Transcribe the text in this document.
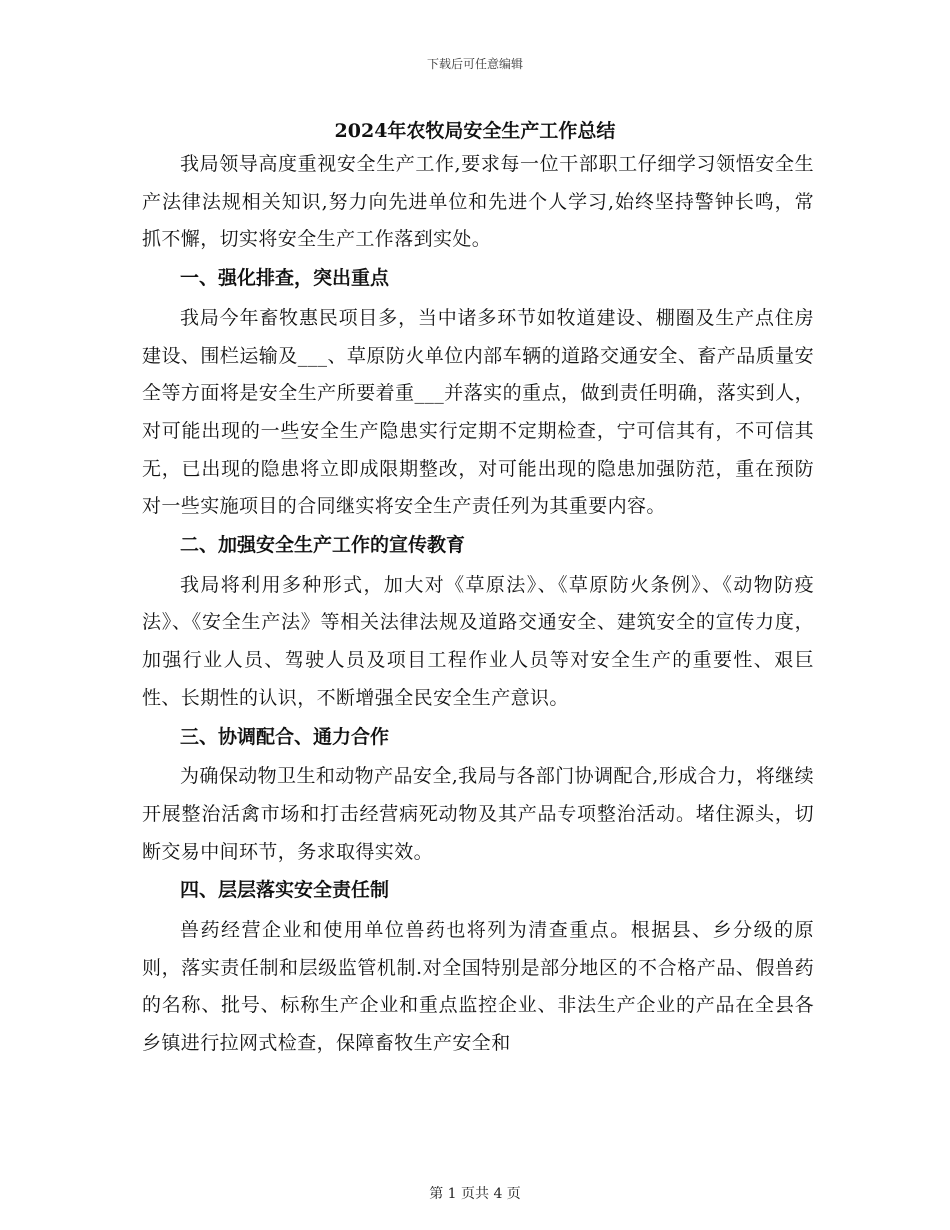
下载后可任意编辑
2024年农牧局安全生产工作总结

我局领导高度重视安全生产工作,要求每一位干部职工仔细学习领悟安全生产法律法规相关知识,努力向先进单位和先进个人学习,始终坚持警钟长鸣，常抓不懈，切实将安全生产工作落到实处。

一、强化排查，突出重点

我局今年畜牧惠民项目多，当中诸多环节如牧道建设、棚圈及生产点住房建设、围栏运输及___、草原防火单位内部车辆的道路交通安全、畜产品质量安全等方面将是安全生产所要着重___并落实的重点，做到责任明确，落实到人，对可能出现的一些安全生产隐患实行定期不定期检查，宁可信其有，不可信其无，已出现的隐患将立即成限期整改，对可能出现的隐患加强防范，重在预防对一些实施项目的合同继实将安全生产责任列为其重要内容。

二、加强安全生产工作的宣传教育

我局将利用多种形式，加大对《草原法》、《草原防火条例》、《动物防疫法》、《安全生产法》等相关法律法规及道路交通安全、建筑安全的宣传力度，加强行业人员、驾驶人员及项目工程作业人员等对安全生产的重要性、艰巨性、长期性的认识，不断增强全民安全生产意识。

三、协调配合、通力合作

为确保动物卫生和动物产品安全,我局与各部门协调配合,形成合力，将继续开展整治活禽市场和打击经营病死动物及其产品专项整治活动。堵住源头，切断交易中间环节，务求取得实效。

四、层层落实安全责任制

兽药经营企业和使用单位兽药也将列为清查重点。根据县、乡分级的原则，落实责任制和层级监管机制.对全国特别是部分地区的不合格产品、假兽药的名称、批号、标称生产企业和重点监控企业、非法生产企业的产品在全县各乡镇进行拉网式检查，保障畜牧生产安全和

第 1 页共 4 页
